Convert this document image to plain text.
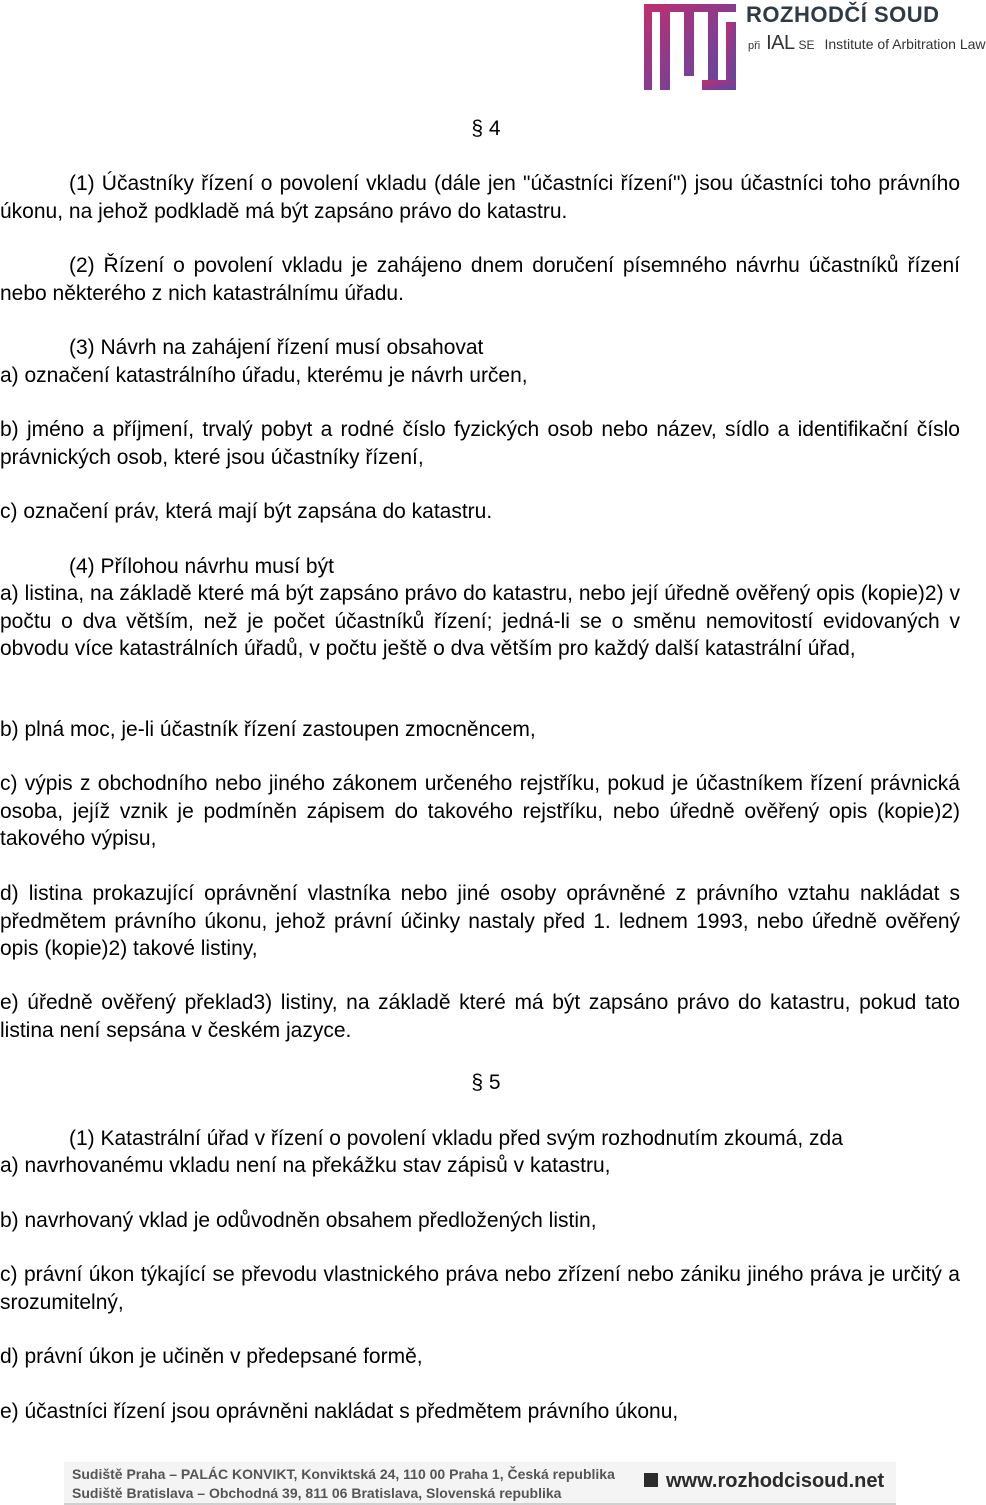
ROZHODČÍ SOUD
při IAL SE Institute of Arbitration Law
§ 4
(1) Účastníky řízení o povolení vkladu (dále jen "účastníci řízení") jsou účastníci toho právního úkonu, na jehož podkladě má být zapsáno právo do katastru.
(2) Řízení o povolení vkladu je zahájeno dnem doručení písemného návrhu účastníků řízení nebo některého z nich katastrálnímu úřadu.
(3) Návrh na zahájení řízení musí obsahovat
a) označení katastrálního úřadu, kterému je návrh určen,
b) jméno a příjmení, trvalý pobyt a rodné číslo fyzických osob nebo název, sídlo a identifikační číslo právnických osob, které jsou účastníky řízení,
c) označení práv, která mají být zapsána do katastru.
(4) Přílohou návrhu musí být
a) listina, na základě které má být zapsáno právo do katastru, nebo její úředně ověřený opis (kopie)2) v počtu o dva větším, než je počet účastníků řízení; jedná-li se o směnu nemovitostí evidovaných v obvodu více katastrálních úřadů, v počtu ještě o dva větším pro každý další katastrální úřad,
b) plná moc, je-li účastník řízení zastoupen zmocněncem,
c) výpis z obchodního nebo jiného zákonem určeného rejstříku, pokud je účastníkem řízení právnická osoba, jejíž vznik je podmíněn zápisem do takového rejstříku, nebo úředně ověřený opis (kopie)2) takového výpisu,
d) listina prokazující oprávnění vlastníka nebo jiné osoby oprávněné z právního vztahu nakládat s předmětem právního úkonu, jehož právní účinky nastaly před 1. lednem 1993, nebo úředně ověřený opis (kopie)2) takové listiny,
e) úředně ověřený překlad3) listiny, na základě které má být zapsáno právo do katastru, pokud tato listina není sepsána v českém jazyce.
§ 5
(1) Katastrální úřad v řízení o povolení vkladu před svým rozhodnutím zkoumá, zda
a) navrhovanému vkladu není na překážku stav zápisů v katastru,
b) navrhovaný vklad je odůvodněn obsahem předložených listin,
c) právní úkon týkající se převodu vlastnického práva nebo zřízení nebo zániku jiného práva je určitý a srozumitelný,
d) právní úkon je učiněn v předepsané formě,
e) účastníci řízení jsou oprávněni nakládat s předmětem právního úkonu,
Sudiště Praha – PALÁC KONVIKT, Konviktská 24, 110 00 Praha 1, Česká republika
Sudiště Bratislava – Obchodná 39, 811 06 Bratislava, Slovenská republika
www.rozhodcisoud.net
